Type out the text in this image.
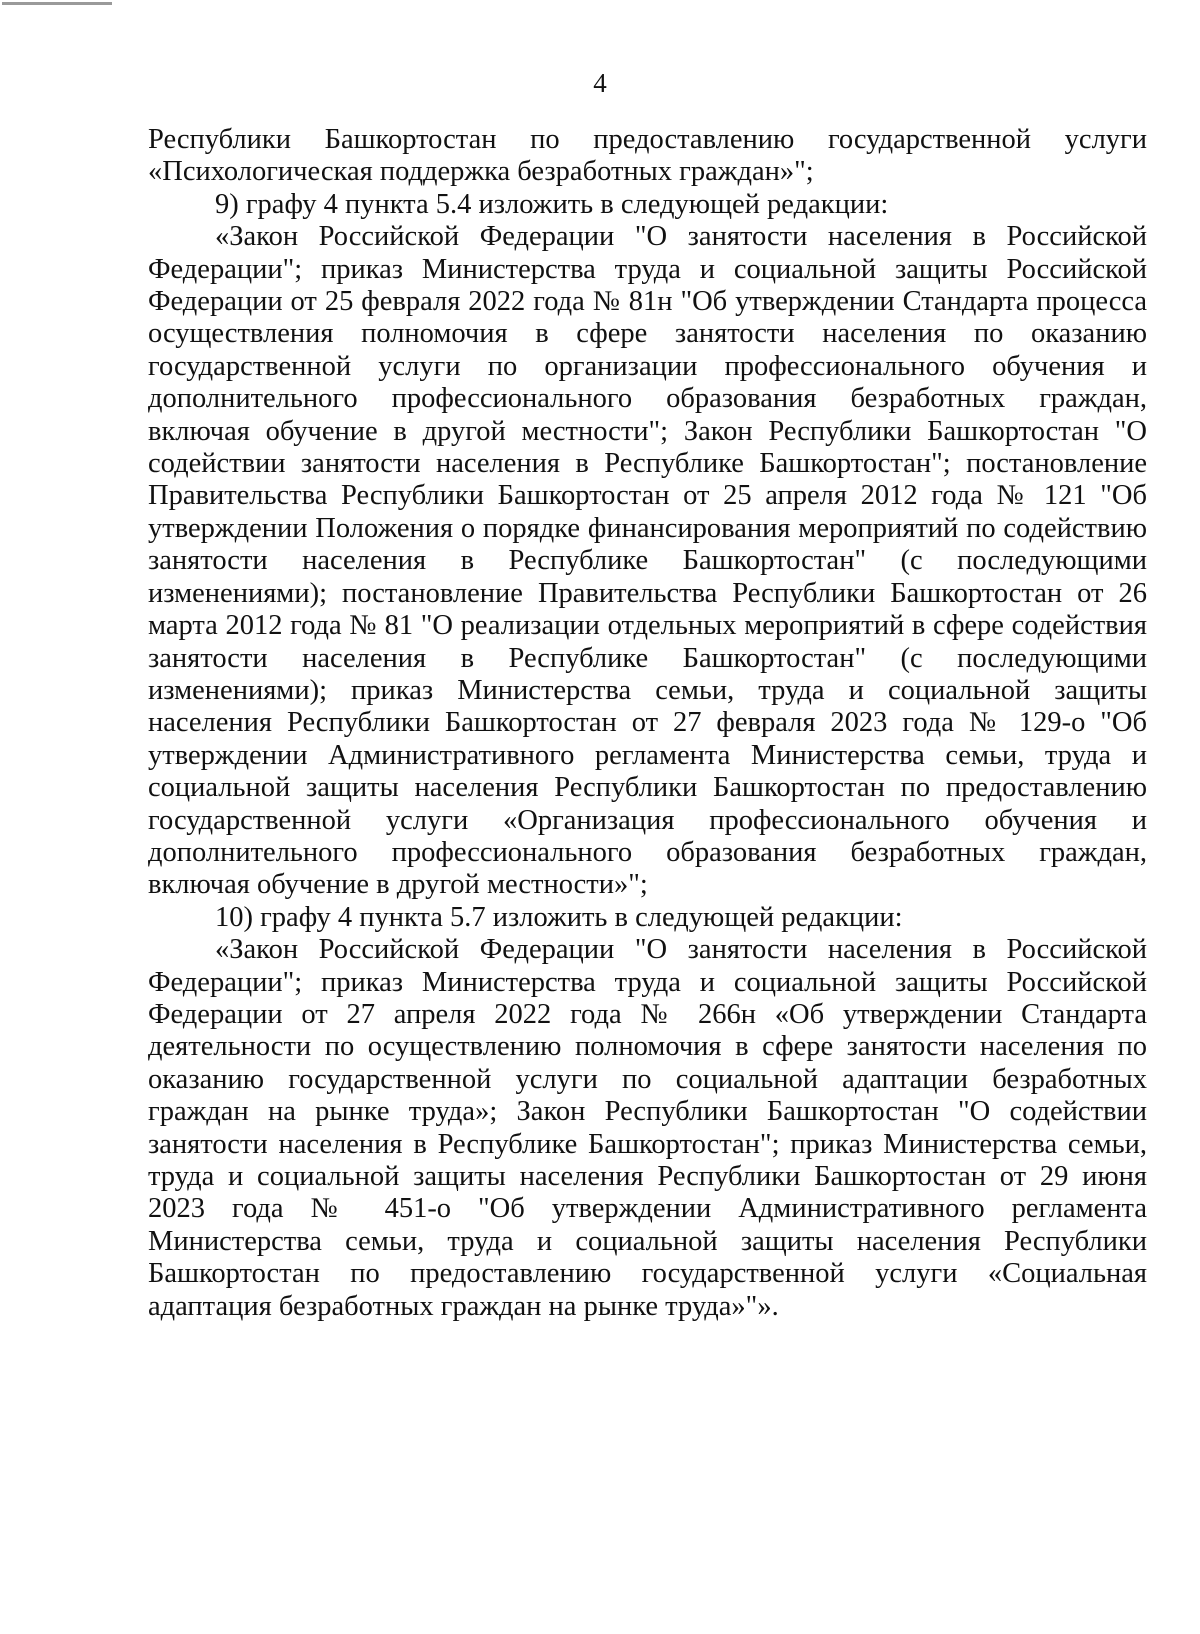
4

Республики Башкортостан по предоставлению государственной услуги «Психологическая поддержка безработных граждан»";

9) графу 4 пункта 5.4 изложить в следующей редакции:

«Закон Российской Федерации "О занятости населения в Российской Федерации"; приказ Министерства труда и социальной защиты Российской Федерации от 25 февраля 2022 года № 81н "Об утверждении Стандарта процесса осуществления полномочия в сфере занятости населения по оказанию государственной услуги по организации профессионального обучения и дополнительного профессионального образования безработных граждан, включая обучение в другой местности"; Закон Республики Башкортостан "О содействии занятости населения в Республике Башкортостан"; постановление Правительства Республики Башкортостан от 25 апреля 2012 года № 121 "Об утверждении Положения о порядке финансирования мероприятий по содействию занятости населения в Республике Башкортостан" (с последующими изменениями); постановление Правительства Республики Башкортостан от 26 марта 2012 года № 81 "О реализации отдельных мероприятий в сфере содействия занятости населения в Республике Башкортостан" (с последующими изменениями); приказ Министерства семьи, труда и социальной защиты населения Республики Башкортостан от 27 февраля 2023 года № 129-о "Об утверждении Административного регламента Министерства семьи, труда и социальной защиты населения Республики Башкортостан по предоставлению государственной услуги «Организация профессионального обучения и дополнительного профессионального образования безработных граждан, включая обучение в другой местности»";

10) графу 4 пункта 5.7 изложить в следующей редакции:

«Закон Российской Федерации "О занятости населения в Российской Федерации"; приказ Министерства труда и социальной защиты Российской Федерации от 27 апреля 2022 года № 266н «Об утверждении Стандарта деятельности по осуществлению полномочия в сфере занятости населения по оказанию государственной услуги по социальной адаптации безработных граждан на рынке труда»; Закон Республики Башкортостан "О содействии занятости населения в Республике Башкортостан"; приказ Министерства семьи, труда и социальной защиты населения Республики Башкортостан от 29 июня 2023 года № 451-о "Об утверждении Административного регламента Министерства семьи, труда и социальной защиты населения Республики Башкортостан по предоставлению государственной услуги «Социальная адаптация безработных граждан на рынке труда»"».
